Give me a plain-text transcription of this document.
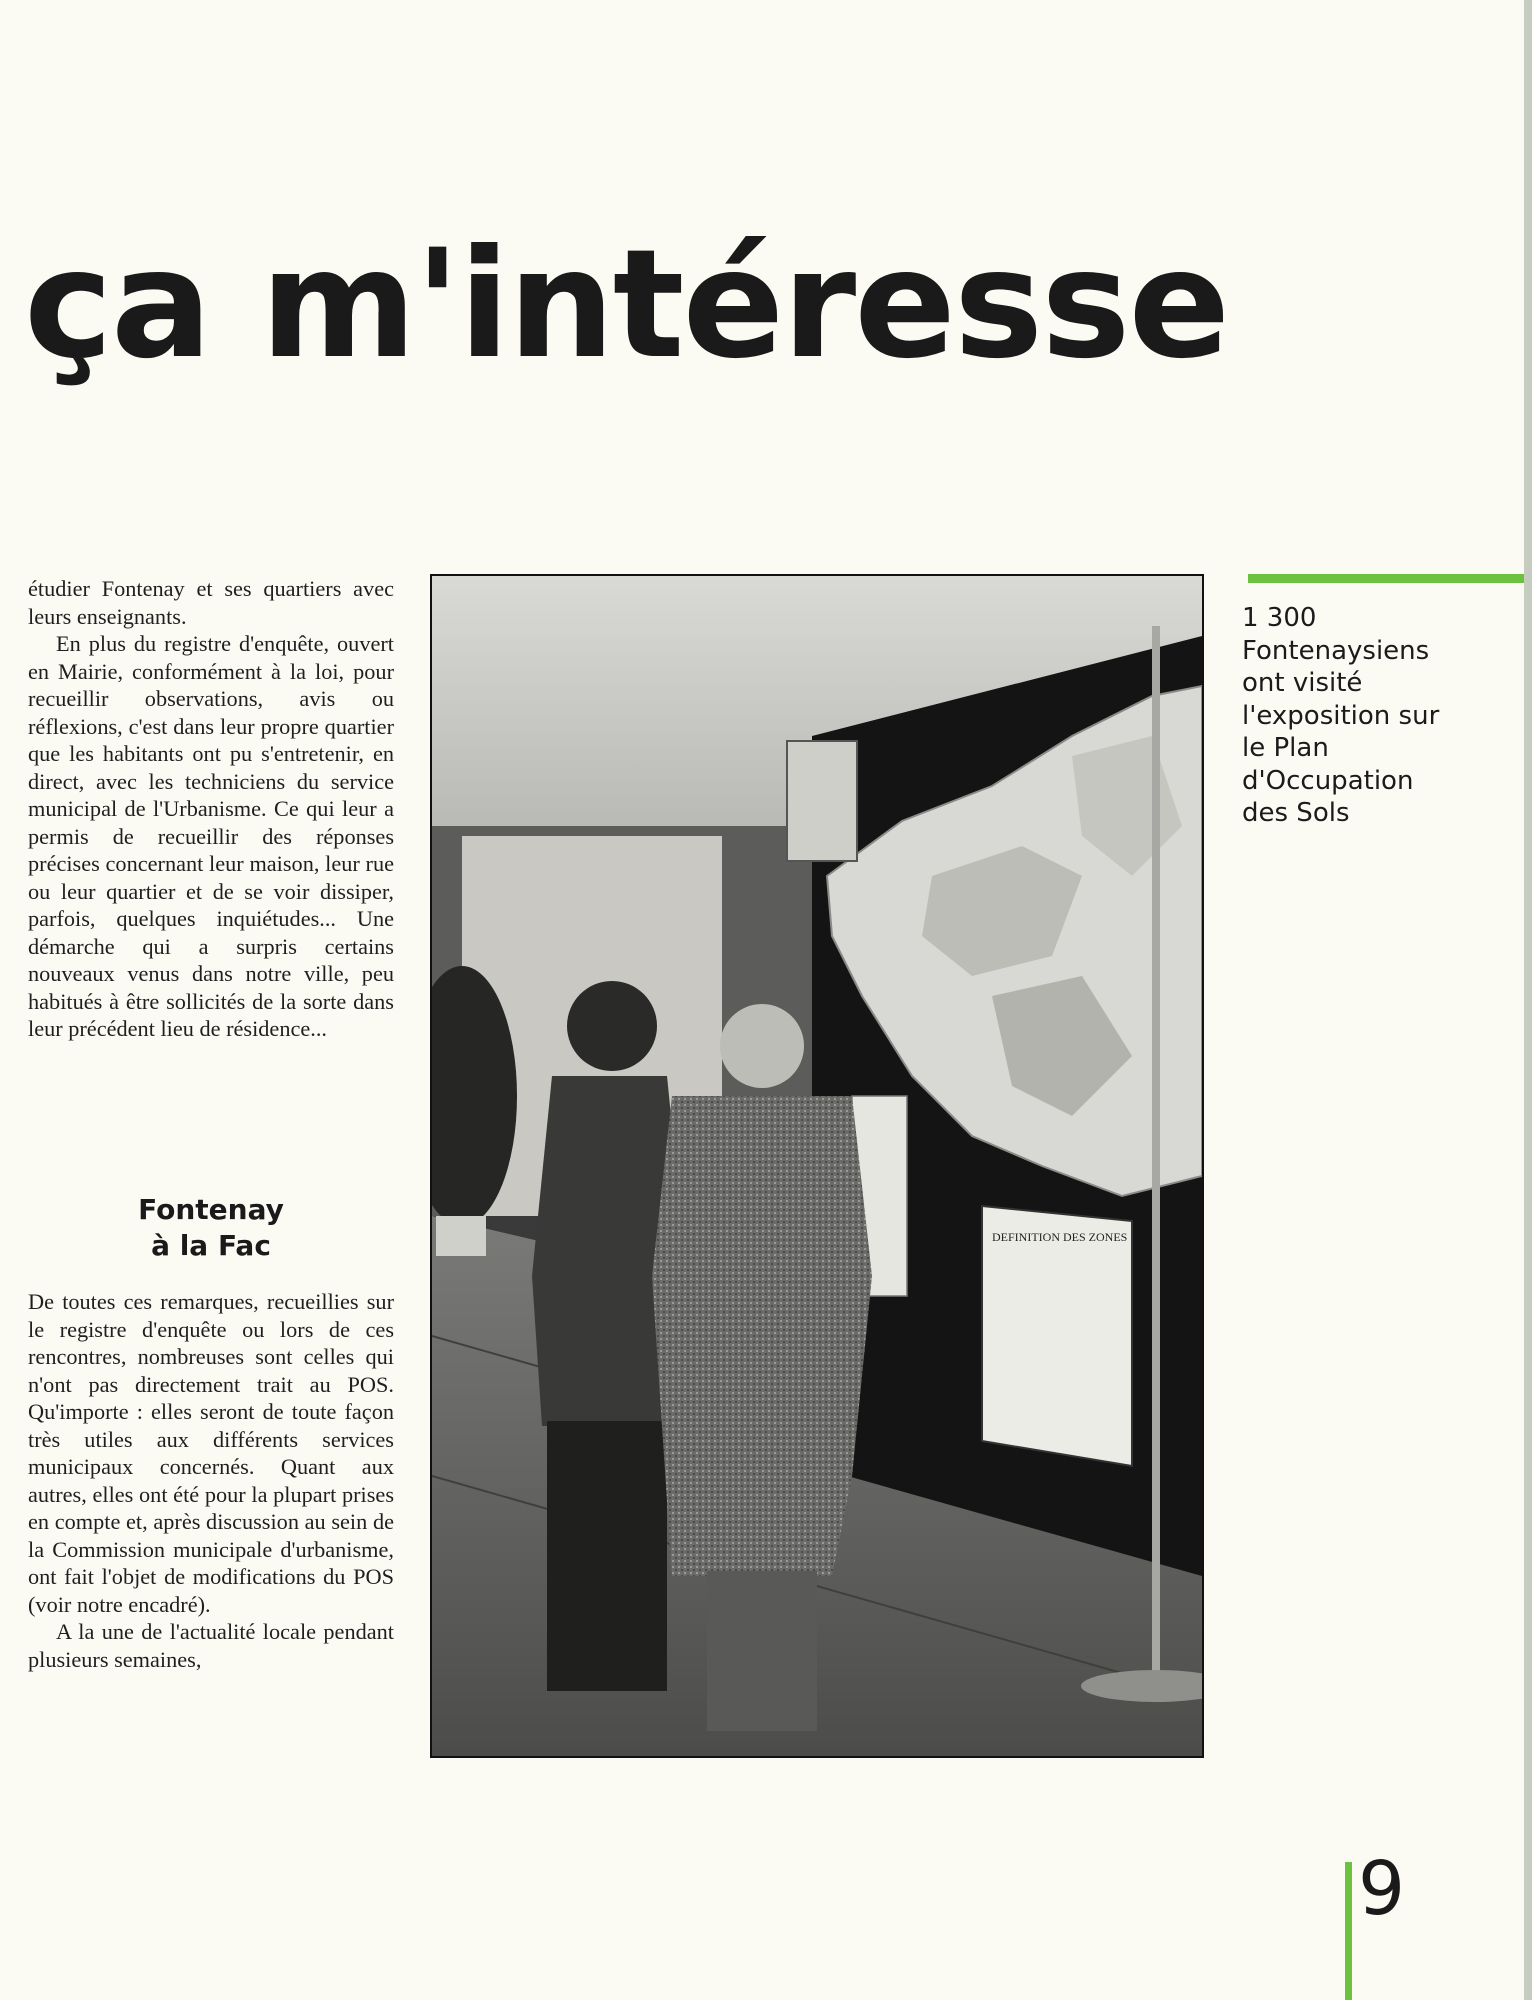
ça m'intéresse

étudier Fontenay et ses quartiers avec leurs enseignants.

En plus du registre d'enquête, ouvert en Mairie, conformément à la loi, pour recueillir observations, avis ou réflexions, c'est dans leur propre quartier que les habitants ont pu s'entretenir, en direct, avec les techniciens du service municipal de l'Urbanisme. Ce qui leur a permis de recueillir des réponses précises concernant leur maison, leur rue ou leur quartier et de se voir dissiper, parfois, quelques inquiétudes... Une démarche qui a surpris certains nouveaux venus dans notre ville, peu habitués à être sollicités de la sorte dans leur précédent lieu de résidence...

Fontenay
à la Fac

De toutes ces remarques, recueillies sur le registre d'enquête ou lors de ces rencontres, nombreuses sont celles qui n'ont pas directement trait au POS. Qu'importe : elles seront de toute façon très utiles aux différents services municipaux concernés. Quant aux autres, elles ont été pour la plupart prises en compte et, après discussion au sein de la Commission municipale d'urbanisme, ont fait l'objet de modifications du POS (voir notre encadré).

A la une de l'actualité locale pendant plusieurs semaines,

DEFINITION DES ZONES

1 300
Fontenaysiens
ont visité
l'exposition sur
le Plan
d'Occupation
des Sols

9
